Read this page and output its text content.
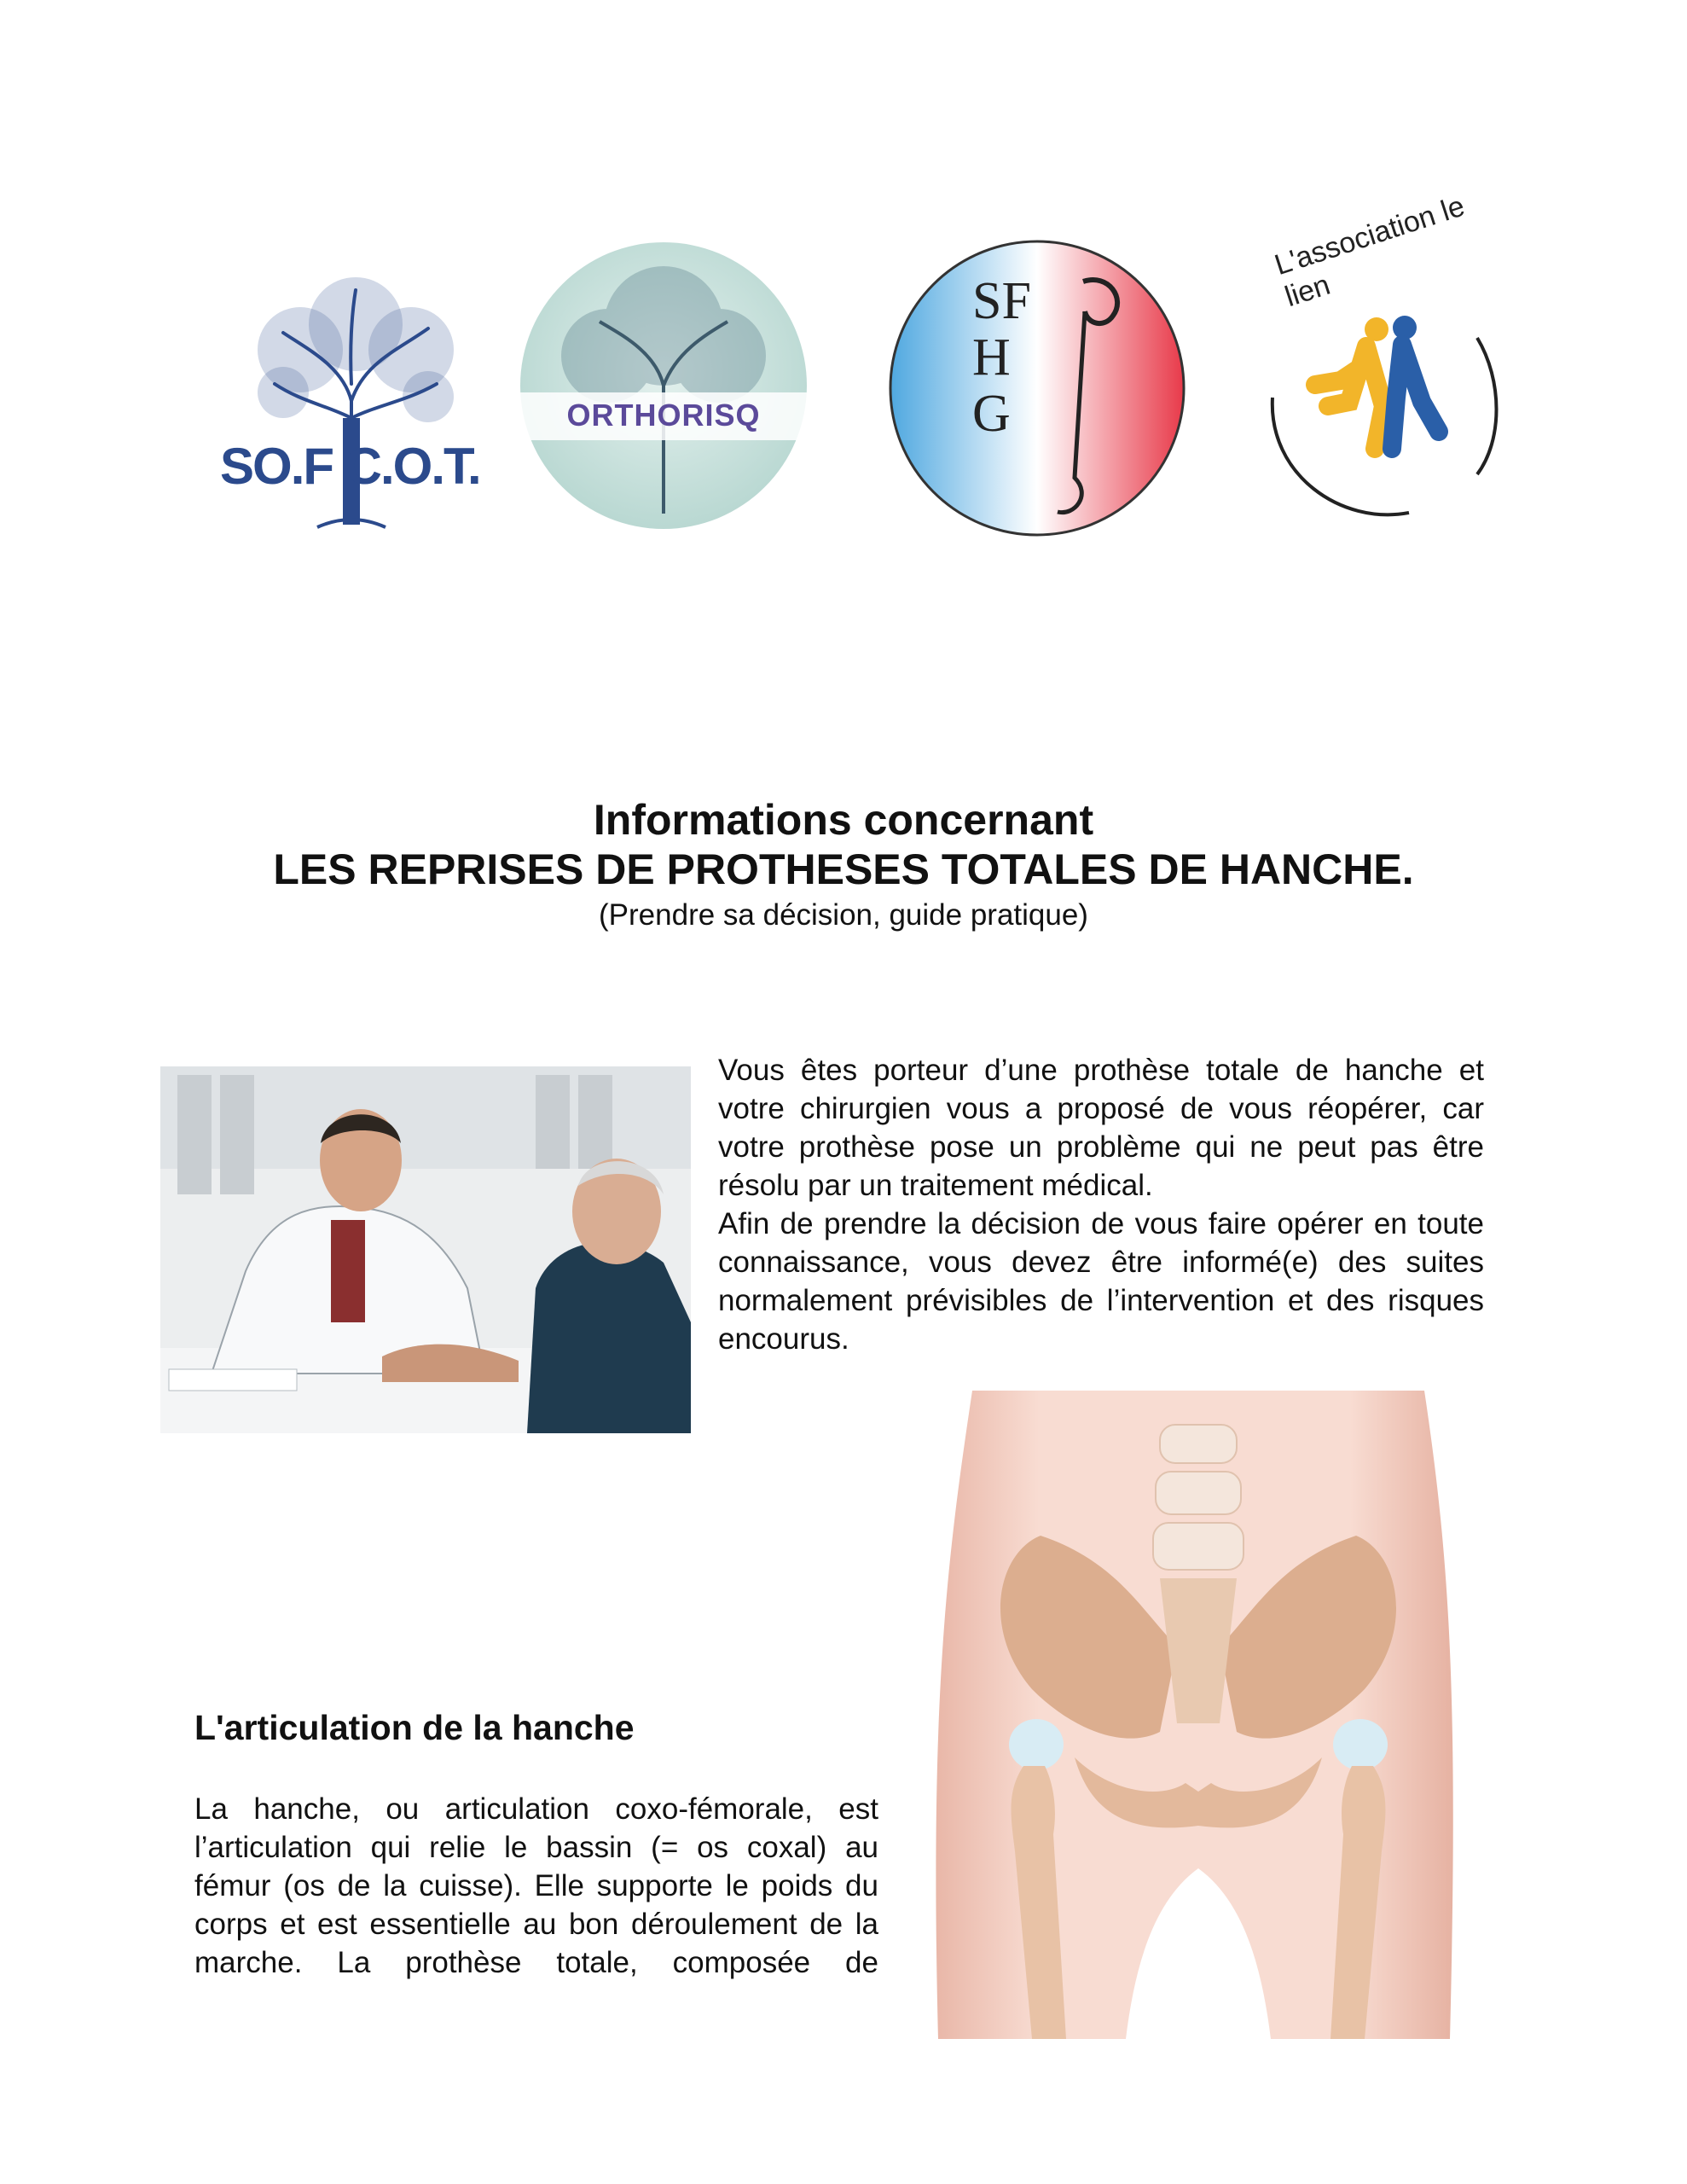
SO.F C.O.T.
ORTHORISQ
SFHG
L'association le lien
Informations concernant
LES REPRISES DE PROTHESES TOTALES DE HANCHE.
(Prendre sa décision, guide pratique)

Vous êtes porteur d’une prothèse totale de hanche et votre chirurgien vous a proposé de vous réopérer, car votre prothèse pose un problème qui ne peut pas être résolu par un traitement médical.

Afin de prendre la décision de vous faire opérer en toute connaissance, vous devez être informé(e) des suites normalement prévisibles de l’intervention et des risques encourus.

L'articulation de la hanche
La hanche, ou articulation coxo-fémorale, est l’articulation qui relie le bassin (= os coxal) au fémur (os de la cuisse). Elle supporte le poids du corps et est essentielle au bon déroulement de la marche. La prothèse totale, composée de
